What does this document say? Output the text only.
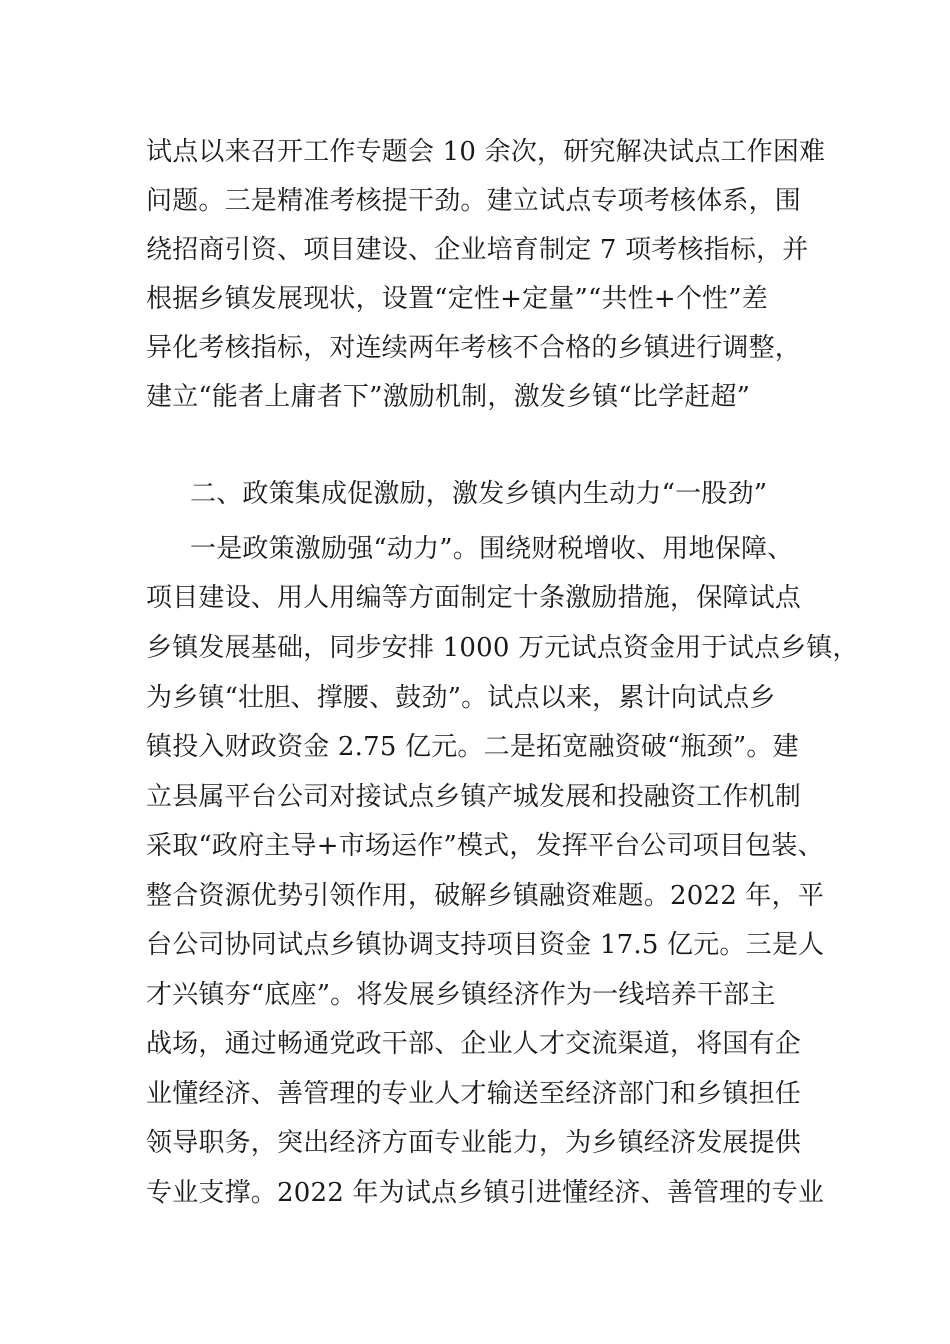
试点以来召开工作专题会 10 余次，研究解决试点工作困难
问题。三是精准考核提干劲。建立试点专项考核体系，围
绕招商引资、项目建设、企业培育制定 7 项考核指标，并
根据乡镇发展现状，设置“定性+定量”“共性+个性”差
异化考核指标，对连续两年考核不合格的乡镇进行调整，
建立“能者上庸者下”激励机制，激发乡镇“比学赶超”
二、政策集成促激励，激发乡镇内生动力“一股劲”
一是政策激励强“动力”。围绕财税增收、用地保障、
项目建设、用人用编等方面制定十条激励措施，保障试点
乡镇发展基础，同步安排 1000 万元试点资金用于试点乡镇，
为乡镇“壮胆、撑腰、鼓劲”。试点以来，累计向试点乡
镇投入财政资金 2.75 亿元。二是拓宽融资破“瓶颈”。建
立县属平台公司对接试点乡镇产城发展和投融资工作机制
采取“政府主导+市场运作”模式，发挥平台公司项目包装、
整合资源优势引领作用，破解乡镇融资难题。2022 年，平
台公司协同试点乡镇协调支持项目资金 17.5 亿元。三是人
才兴镇夯“底座”。将发展乡镇经济作为一线培养干部主
战场，通过畅通党政干部、企业人才交流渠道，将国有企
业懂经济、善管理的专业人才输送至经济部门和乡镇担任
领导职务，突出经济方面专业能力，为乡镇经济发展提供
专业支撑。2022 年为试点乡镇引进懂经济、善管理的专业
